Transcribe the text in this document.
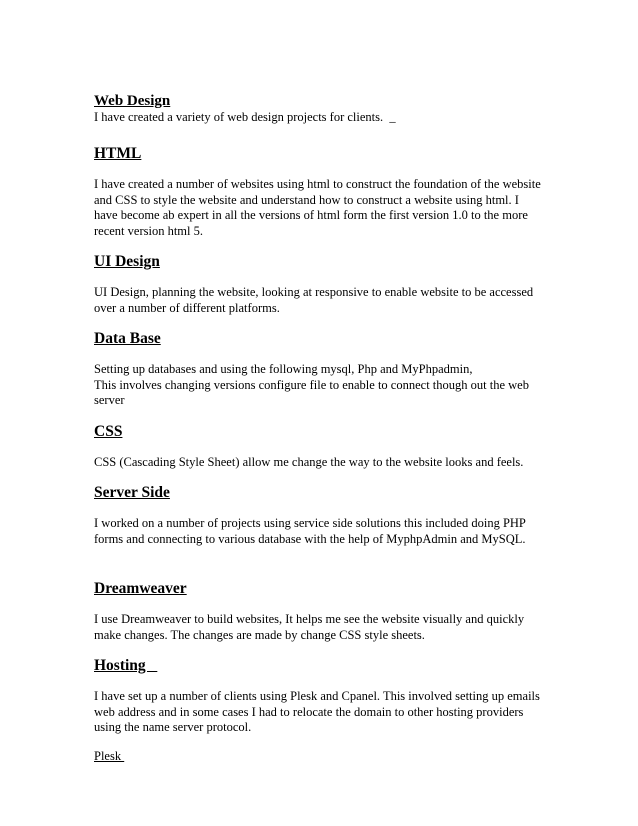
Web Design

I have created a variety of web design projects for clients.  _

HTML

I have created a number of websites using html to construct the foundation of the website
and CSS to style the website and understand how to construct a website using html. I
have become ab expert in all the versions of html form the first version 1.0 to the more
recent version html 5.

UI Design

UI Design, planning the website, looking at responsive to enable website to be accessed
over a number of different platforms.

Data Base

Setting up databases and using the following mysql, Php and MyPhpadmin,
This involves changing versions configure file to enable to connect though out the web
server

CSS

CSS (Cascading Style Sheet) allow me change the way to the website looks and feels.

Server Side

I worked on a number of projects using service side solutions this included doing PHP
forms and connecting to various database with the help of MyphpAdmin and MySQL.

Dreamweaver

I use Dreamweaver to build websites, It helps me see the website visually and quickly
make changes. The changes are made by change CSS style sheets.

Hosting

I have set up a number of clients using Plesk and Cpanel. This involved setting up emails
web address and in some cases I had to relocate the domain to other hosting providers
using the name server protocol.

Plesk
